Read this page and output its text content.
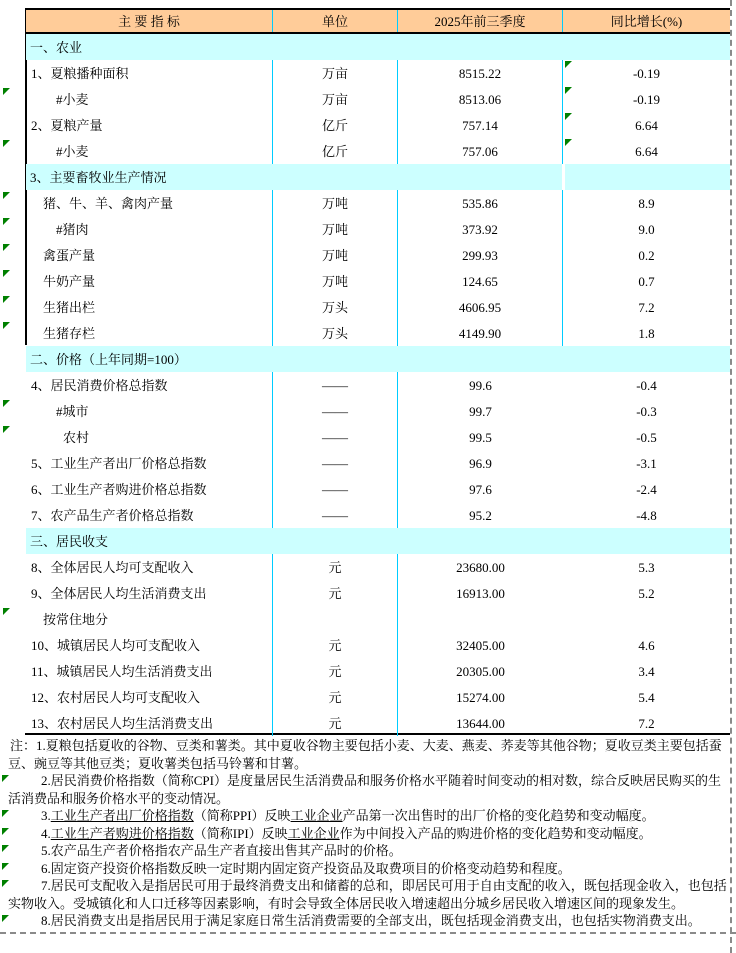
主 要 指 标	单位	2025年前三季度	同比增长(%)
一、农业
1、夏粮播种面积	万亩	8515.22	-0.19
#小麦	万亩	8513.06	-0.19
2、夏粮产量	亿斤	757.14	6.64
#小麦	亿斤	757.06	6.64
3、主要畜牧业生产情况
猪、牛、羊、禽肉产量	万吨	535.86	8.9
#猪肉	万吨	373.92	9.0
禽蛋产量	万吨	299.93	0.2
牛奶产量	万吨	124.65	0.7
生猪出栏	万头	4606.95	7.2
生猪存栏	万头	4149.90	1.8
二、价格（上年同期=100）
4、居民消费价格总指数	——	99.6	-0.4
#城市	——	99.7	-0.3
农村	——	99.5	-0.5
5、工业生产者出厂价格总指数	——	96.9	-3.1
6、工业生产者购进价格总指数	——	97.6	-2.4
7、农产品生产者价格总指数	——	95.2	-4.8
三、居民收支
8、全体居民人均可支配收入	元	23680.00	5.3
9、全体居民人均生活消费支出	元	16913.00	5.2
按常住地分
10、城镇居民人均可支配收入	元	32405.00	4.6
11、城镇居民人均生活消费支出	元	20305.00	3.4
12、农村居民人均可支配收入	元	15274.00	5.4
13、农村居民人均生活消费支出	元	13644.00	7.2

注：1.夏粮包括夏收的谷物、豆类和薯类。其中夏收谷物主要包括小麦、大麦、燕麦、荞麦等其他谷物；夏收豆类主要包括蚕豆、豌豆等其他豆类；夏收薯类包括马铃薯和甘薯。

2.居民消费价格指数（简称CPI）是度量居民生活消费品和服务价格水平随着时间变动的相对数，综合反映居民购买的生活消费品和服务价格水平的变动情况。

3.工业生产者出厂价格指数（简称PPI）反映工业企业产品第一次出售时的出厂价格的变化趋势和变动幅度。

4.工业生产者购进价格指数（简称IPI）反映工业企业作为中间投入产品的购进价格的变化趋势和变动幅度。

5.农产品生产者价格指农产品生产者直接出售其产品时的价格。

6.固定资产投资价格指数反映一定时期内固定资产投资品及取费项目的价格变动趋势和程度。

7.居民可支配收入是指居民可用于最终消费支出和储蓄的总和，即居民可用于自由支配的收入，既包括现金收入，也包括实物收入。受城镇化和人口迁移等因素影响，有时会导致全体居民收入增速超出分城乡居民收入增速区间的现象发生。

8.居民消费支出是指居民用于满足家庭日常生活消费需要的全部支出，既包括现金消费支出，也包括实物消费支出。
